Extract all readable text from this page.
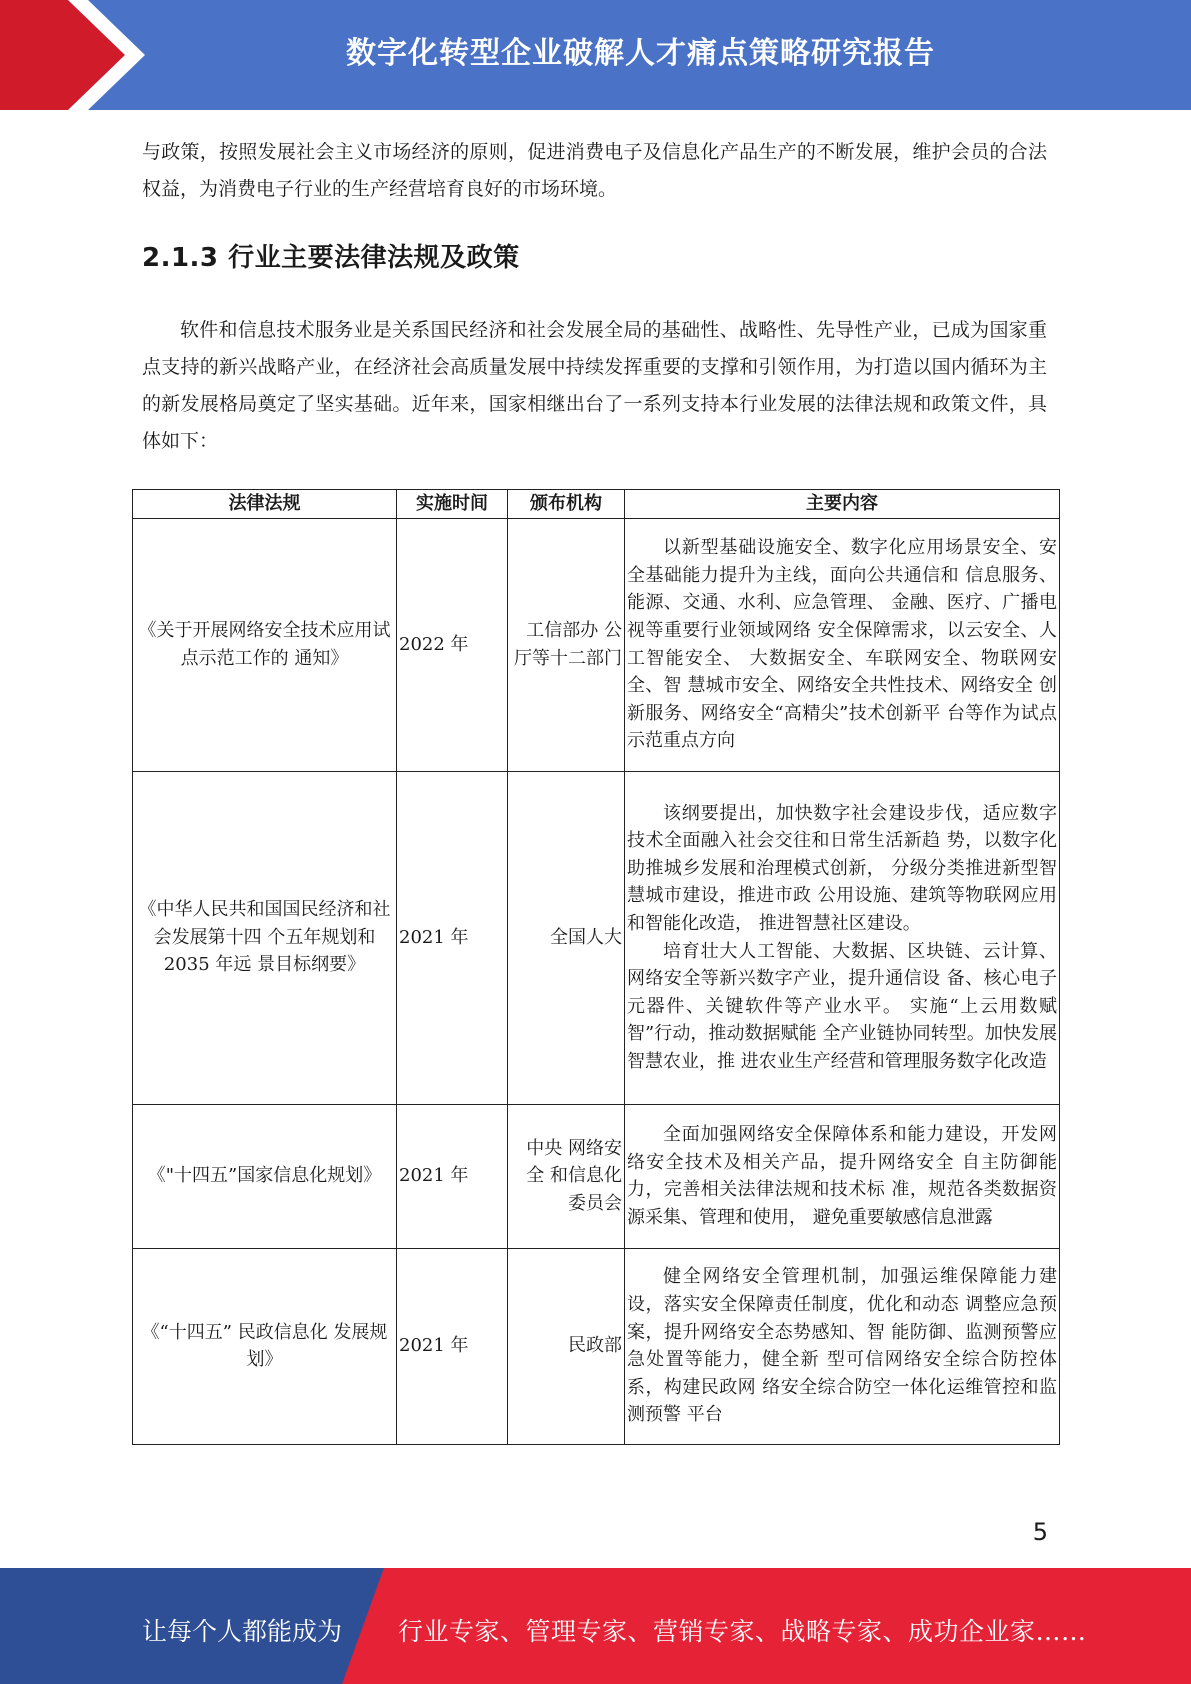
数字化转型企业破解人才痛点策略研究报告

与政策，按照发展社会主义市场经济的原则，促进消费电子及信息化产品生产的不断发展，维护会员的合法权益，为消费电子行业的生产经营培育良好的市场环境。

2.1.3 行业主要法律法规及政策

软件和信息技术服务业是关系国民经济和社会发展全局的基础性、战略性、先导性产业，已成为国家重点支持的新兴战略产业，在经济社会高质量发展中持续发挥重要的支撑和引领作用，为打造以国内循环为主的新发展格局奠定了坚实基础。近年来，国家相继出台了一系列支持本行业发展的法律法规和政策文件，具体如下：

法律法规	实施时间	颁布机构	主要内容
《关于开展网络安全技术应用试点示范工作的 通知》	2022 年	工信部办 公厅等十二部门	以新型基础设施安全、数字化应用场景安全、安全基础能力提升为主线，面向公共通信和 信息服务、能源、交通、水利、应急管理、 金融、医疗、广播电视等重要行业领域网络 安全保障需求，以云安全、人工智能安全、 大数据安全、车联网安全、物联网安全、智 慧城市安全、网络安全共性技术、网络安全 创新服务、网络安全“高精尖”技术创新平 台等作为试点示范重点方向

《中华人民共和国国民经济和社会发展第十四 个五年规划和 2035 年远 景目标纲要》	2021 年	全国人大	该纲要提出，加快数字社会建设步伐，适应数字技术全面融入社会交往和日常生活新趋 势，以数字化助推城乡发展和治理模式创新， 分级分类推进新型智慧城市建设，推进市政 公用设施、建筑等物联网应用和智能化改造， 推进智慧社区建设。

培育壮大人工智能、大数据、区块链、云计算、网络安全等新兴数字产业，提升通信设 备、核心电子元器件、关键软件等产业水平。 实施“上云用数赋智”行动，推动数据赋能 全产业链协同转型。加快发展智慧农业，推 进农业生产经营和管理服务数字化改造

《"十四五”国家信息化规划》	2021 年	中央 网络安全 和信息化 委员会	全面加强网络安全保障体系和能力建设，开发网络安全技术及相关产品，提升网络安全 自主防御能力，完善相关法律法规和技术标 准，规范各类数据资源采集、管理和使用， 避免重要敏感信息泄露

《“十四五” 民政信息化 发展规划》	2021 年	民政部	健全网络安全管理机制，加强运维保障能力建设，落实安全保障责任制度，优化和动态 调整应急预案，提升网络安全态势感知、智 能防御、监测预警应急处置等能力，健全新 型可信网络安全综合防控体系，构建民政网 络安全综合防空一体化运维管控和监测预警 平台

5
让每个人都能成为 行业专家、管理专家、营销专家、战略专家、成功企业家……
